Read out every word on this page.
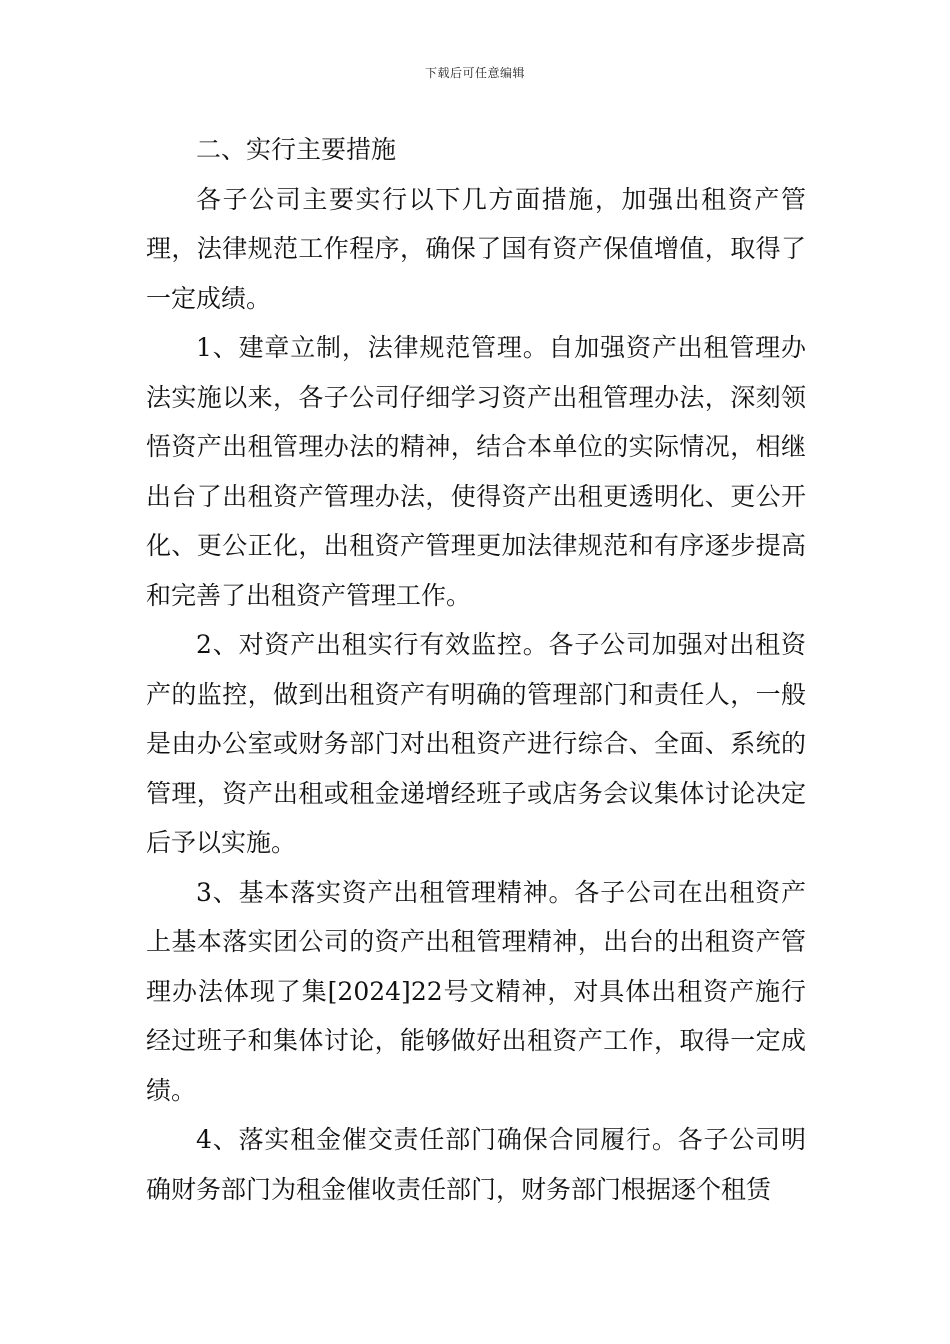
下载后可任意编辑

二、实行主要措施

各子公司主要实行以下几方面措施，加强出租资产管理，法律规范工作程序，确保了国有资产保值增值，取得了一定成绩。

1、建章立制，法律规范管理。自加强资产出租管理办法实施以来，各子公司仔细学习资产出租管理办法，深刻领悟资产出租管理办法的精神，结合本单位的实际情况，相继出台了出租资产管理办法，使得资产出租更透明化、更公开化、更公正化，出租资产管理更加法律规范和有序逐步提高和完善了出租资产管理工作。

2、对资产出租实行有效监控。各子公司加强对出租资产的监控，做到出租资产有明确的管理部门和责任人，一般是由办公室或财务部门对出租资产进行综合、全面、系统的管理，资产出租或租金递增经班子或店务会议集体讨论决定后予以实施。

3、基本落实资产出租管理精神。各子公司在出租资产上基本落实团公司的资产出租管理精神，出台的出租资产管理办法体现了集[2024]22号文精神，对具体出租资产施行经过班子和集体讨论，能够做好出租资产工作，取得一定成绩。

4、落实租金催交责任部门确保合同履行。各子公司明确财务部门为租金催收责任部门，财务部门根据逐个租赁
